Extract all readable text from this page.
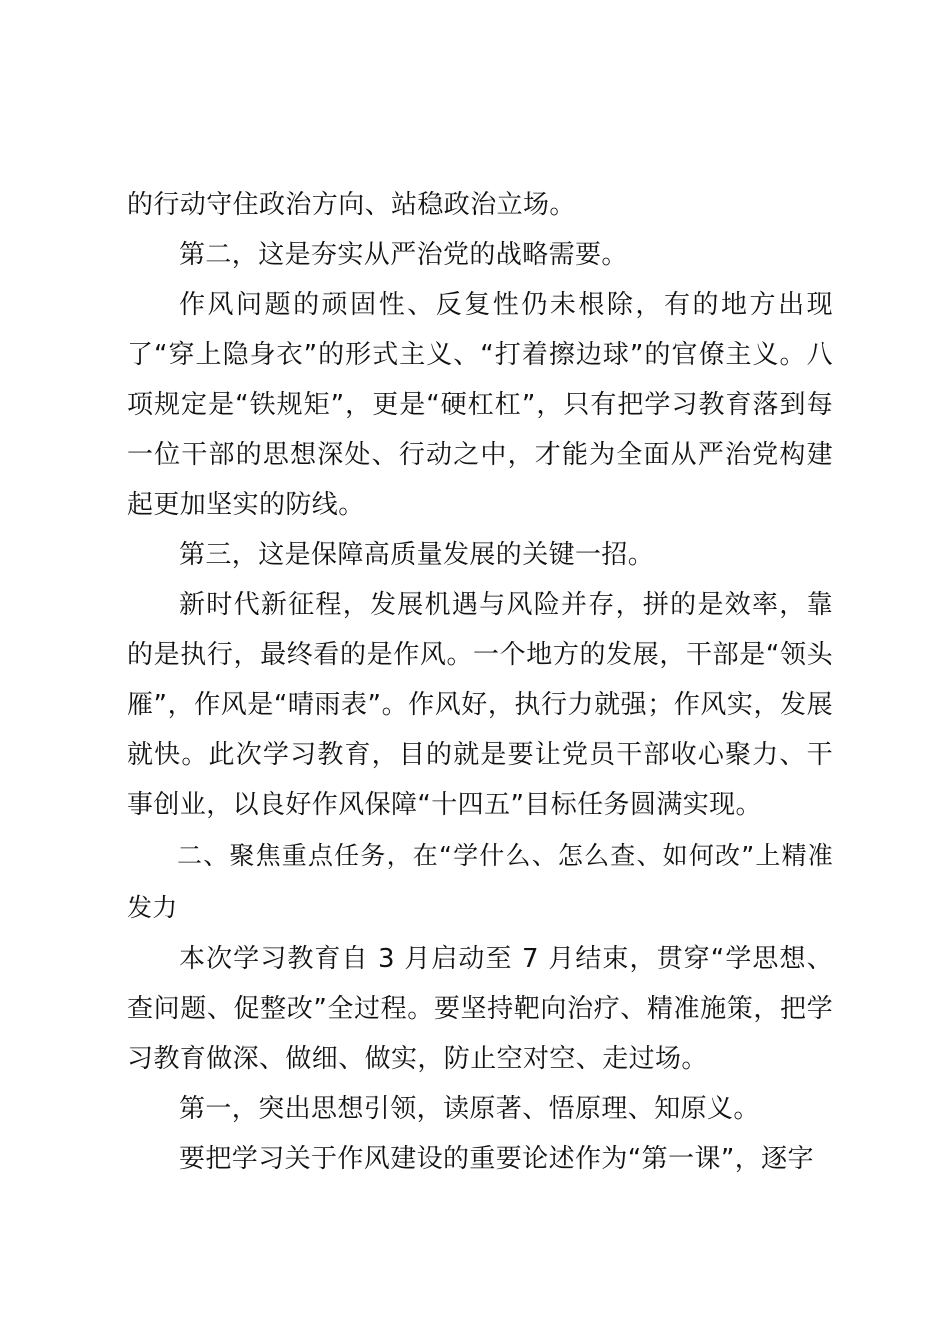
的行动守住政治方向、站稳政治立场。

第二，这是夯实从严治党的战略需要。

作风问题的顽固性、反复性仍未根除，有的地方出现了“穿上隐身衣”的形式主义、“打着擦边球”的官僚主义。八项规定是“铁规矩”，更是“硬杠杠”，只有把学习教育落到每一位干部的思想深处、行动之中，才能为全面从严治党构建起更加坚实的防线。

第三，这是保障高质量发展的关键一招。

新时代新征程，发展机遇与风险并存，拼的是效率，靠的是执行，最终看的是作风。一个地方的发展，干部是“领头雁”，作风是“晴雨表”。作风好，执行力就强；作风实，发展就快。此次学习教育，目的就是要让党员干部收心聚力、干事创业，以良好作风保障“十四五”目标任务圆满实现。

二、聚焦重点任务，在“学什么、怎么查、如何改”上精准发力

本次学习教育自 3 月启动至 7 月结束，贯穿“学思想、查问题、促整改”全过程。要坚持靶向治疗、精准施策，把学习教育做深、做细、做实，防止空对空、走过场。

第一，突出思想引领，读原著、悟原理、知原义。

要把学习关于作风建设的重要论述作为“第一课”，逐字
